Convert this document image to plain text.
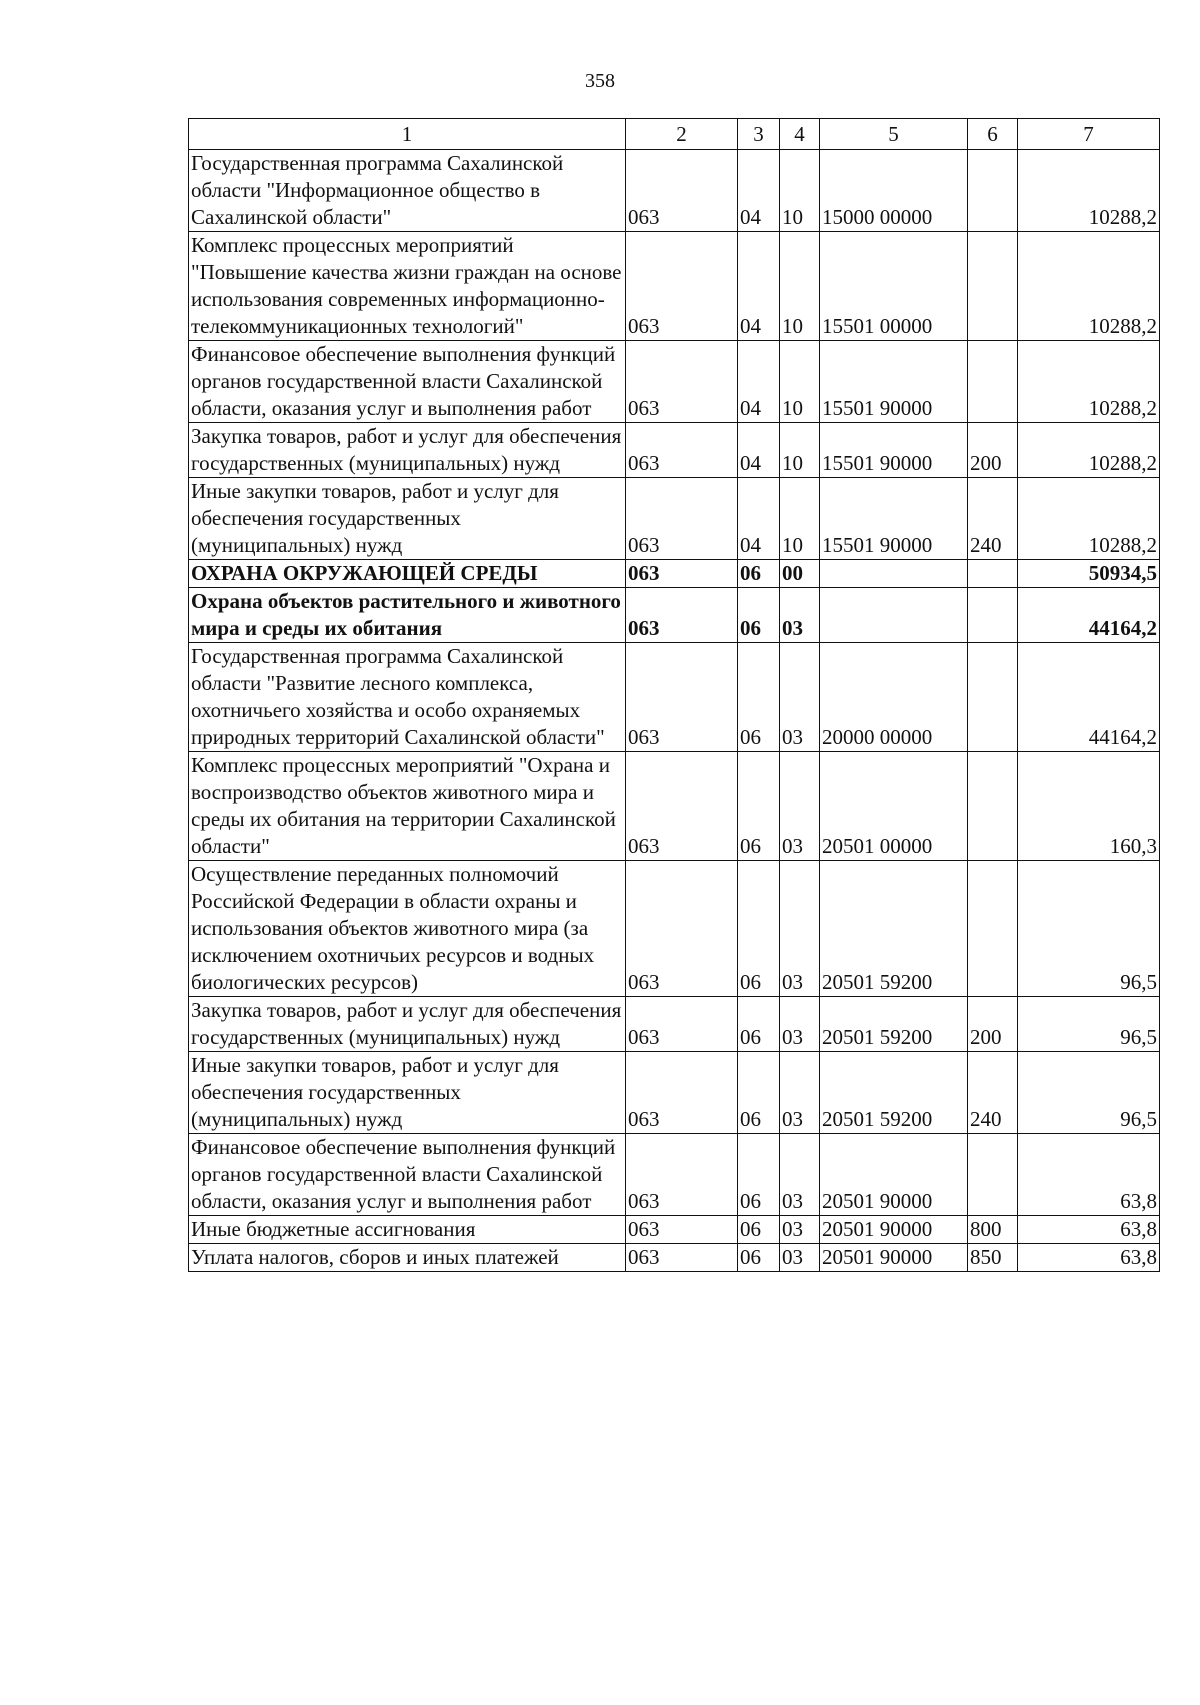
358
1	2	3	4	5	6	7
Государственная программа Сахалинской области "Информационное общество в Сахалинской области"	063	04	10	15000 00000		10288,2
Комплекс процессных мероприятий "Повышение качества жизни граждан на основе использования современных информационно-телекоммуникационных технологий"	063	04	10	15501 00000		10288,2
Финансовое обеспечение выполнения функций органов государственной власти Сахалинской области, оказания услуг и выполнения работ	063	04	10	15501 90000		10288,2
Закупка товаров, работ и услуг для обеспечения государственных (муниципальных) нужд	063	04	10	15501 90000	200	10288,2
Иные закупки товаров, работ и услуг для обеспечения государственных (муниципальных) нужд	063	04	10	15501 90000	240	10288,2
ОХРАНА ОКРУЖАЮЩЕЙ СРЕДЫ	063	06	00			50934,5
Охрана объектов растительного и животного мира и среды их обитания	063	06	03			44164,2
Государственная программа Сахалинской области "Развитие лесного комплекса, охотничьего хозяйства и особо охраняемых природных территорий Сахалинской области"	063	06	03	20000 00000		44164,2
Комплекс процессных мероприятий "Охрана и воспроизводство объектов животного мира и среды их обитания на территории Сахалинской области"	063	06	03	20501 00000		160,3
Осуществление переданных полномочий Российской Федерации в области охраны и использования объектов животного мира (за исключением охотничьих ресурсов и водных биологических ресурсов)	063	06	03	20501 59200		96,5
Закупка товаров, работ и услуг для обеспечения государственных (муниципальных) нужд	063	06	03	20501 59200	200	96,5
Иные закупки товаров, работ и услуг для обеспечения государственных (муниципальных) нужд	063	06	03	20501 59200	240	96,5
Финансовое обеспечение выполнения функций органов государственной власти Сахалинской области, оказания услуг и выполнения работ	063	06	03	20501 90000		63,8
Иные бюджетные ассигнования	063	06	03	20501 90000	800	63,8
Уплата налогов, сборов и иных платежей	063	06	03	20501 90000	850	63,8
